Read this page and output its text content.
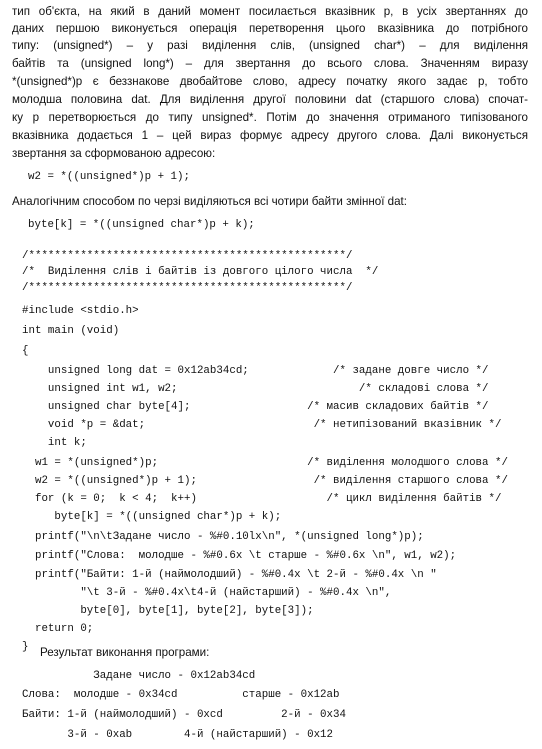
тип об'єкта, на який в даний момент посилається вказівник p, в усіх звертаннях до
даних першою виконується операція перетворення цього вказівника до потрібного
типу: (unsigned*) – у разі виділення слів, (unsigned char*) – для виділення
байтів та (unsigned long*) – для звертання до всього слова. Значенням виразу
*(unsigned*)p є беззнакове двобайтове слово, адресу початку якого задає p, тобто
молодша половина dat. Для виділення другої половини dat (старшого слова) спочат-
ку p перетворюється до типу unsigned*. Потім до значення отриманого типізованого
вказівника додається 1 – цей вираз формує адресу другого слова. Далі виконується
звертання за сформованою адресою:
w2 = *((unsigned*)p + 1);
Аналогічним способом по черзі виділяються всі чотири байти змінної dat:
byte[k] = *((unsigned char*)p + k);
/*************************************************/
/*  Виділення слів і байтів із довгого цілого числа  */
/*************************************************/
#include <stdio.h>
int main (void)
{
unsigned long dat = 0x12ab34cd;             /* задане довге число */
unsigned int w1, w2;                            /* складові слова */
unsigned char byte[4];                  /* масив складових байтів */
void *p = &dat;                          /* нетипізований вказівник */
int k;
w1 = *(unsigned*)p;                       /* виділення молодшого слова */
w2 = *((unsigned*)p + 1);                  /* виділення старшого слова */
for (k = 0;  k < 4;  k++)                    /* цикл виділення байтів */
byte[k] = *((unsigned char*)p + k);
printf("\n\tЗадане число - %#0.10lx\n", *(unsigned long*)p);
printf("Слова:  молодше - %#0.6x \t старше - %#0.6x \n", w1, w2);
printf("Байти: 1-й (наймолодший) - %#0.4x \t 2-й - %#0.4x \n "
"\t 3-й - %#0.4x\t4-й (найстарший) - %#0.4x \n",
byte[0], byte[1], byte[2], byte[3]);
return 0;
} Результат виконання програми:
Задане число - 0x12ab34cd
Слова:  молодше - 0x34cd          старше - 0x12ab
Байти: 1-й (наймолодший) - 0xcd         2-й - 0x34
3-й - 0xab        4-й (найстарший) - 0x12
